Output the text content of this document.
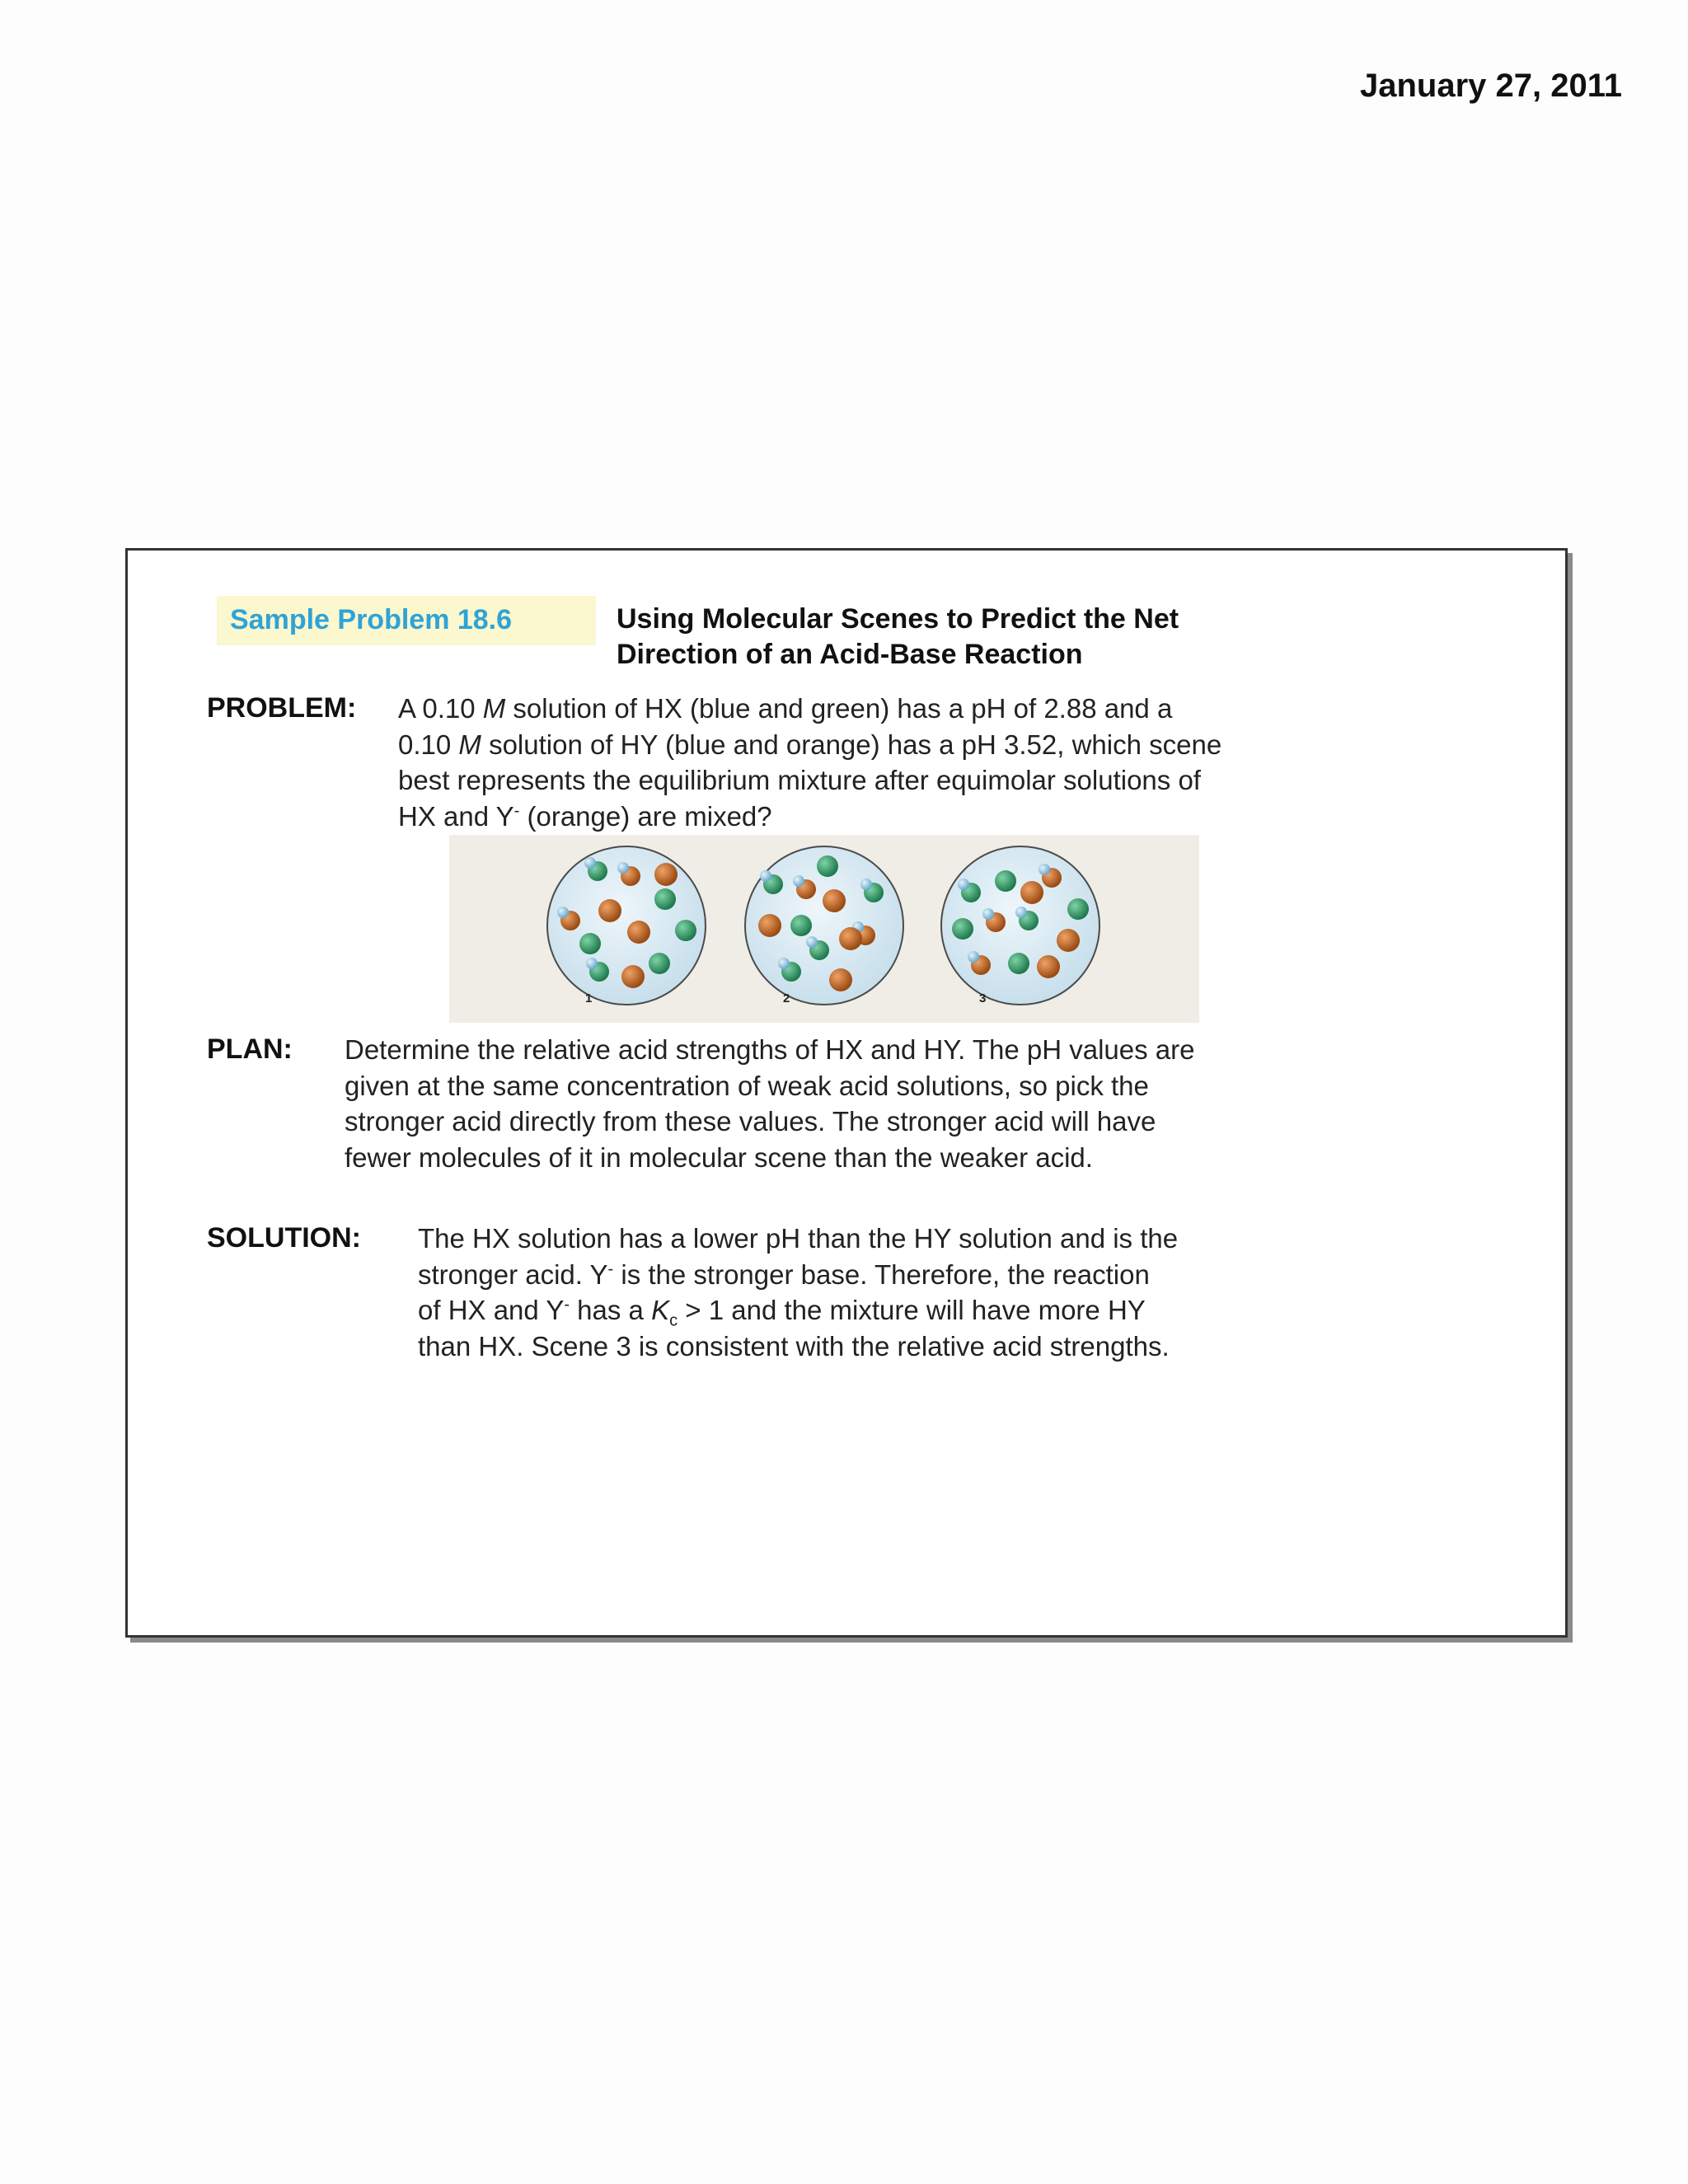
January 27, 2011
Sample Problem 18.6	Using Molecular Scenes to Predict the Net
Direction of an Acid-Base Reaction
PROBLEM: A 0.10 M solution of HX (blue and green) has a pH of 2.88 and a
0.10 M solution of HY (blue and orange) has a pH 3.52, which scene
best represents the equilibrium mixture after equimolar solutions of
HX and Y- (orange) are mixed?
1	2	3
PLAN: Determine the relative acid strengths of HX and HY. The pH values are
given at the same concentration of weak acid solutions, so pick the
stronger acid directly from these values. The stronger acid will have
fewer molecules of it in molecular scene than the weaker acid.
SOLUTION: The HX solution has a lower pH than the HY solution and is the
stronger acid. Y- is the stronger base. Therefore, the reaction
of HX and Y- has a $K_c > 1$ and the mixture will have more HY
than HX. Scene 3 is consistent with the relative acid strengths.
